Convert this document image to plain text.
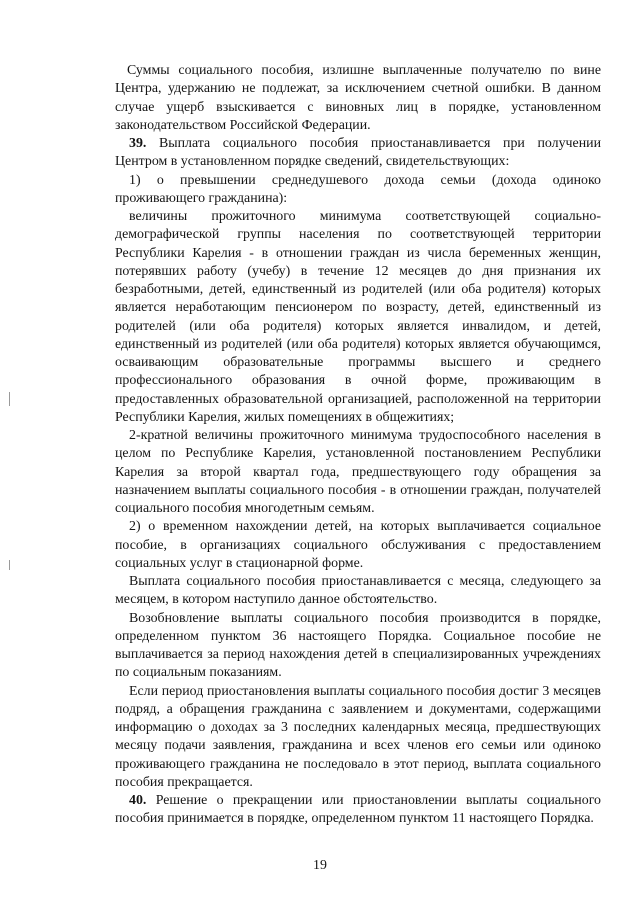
Суммы социального пособия, излишне выплаченные получателю по вине Центра, удержанию не подлежат, за исключением счетной ошибки. В данном случае ущерб взыскивается с виновных лиц в порядке, установленном законодательством Российской Федерации.

39. Выплата социального пособия приостанавливается при получении Центром в установленном порядке сведений, свидетельствующих:

1) о превышении среднедушевого дохода семьи (дохода одиноко проживающего гражданина):

величины прожиточного минимума соответствующей социально-демографической группы населения по соответствующей территории Республики Карелия - в отношении граждан из числа беременных женщин, потерявших работу (учебу) в течение 12 месяцев до дня признания их безработными, детей, единственный из родителей (или оба родителя) которых является неработающим пенсионером по возрасту, детей, единственный из родителей (или оба родителя) которых является инвалидом, и детей, единственный из родителей (или оба родителя) которых является обучающимся, осваивающим образовательные программы высшего и среднего профессионального образования в очной форме, проживающим в предоставленных образовательной организацией, расположенной на территории Республики Карелия, жилых помещениях в общежитиях;

2-кратной величины прожиточного минимума трудоспособного населения в целом по Республике Карелия, установленной постановлением Республики Карелия за второй квартал года, предшествующего году обращения за назначением выплаты социального пособия - в отношении граждан, получателей социального пособия многодетным семьям.

2) о временном нахождении детей, на которых выплачивается социальное пособие, в организациях социального обслуживания с предоставлением социальных услуг в стационарной форме.

Выплата социального пособия приостанавливается с месяца, следующего за месяцем, в котором наступило данное обстоятельство.

Возобновление выплаты социального пособия производится в порядке, определенном пунктом 36 настоящего Порядка. Социальное пособие не выплачивается за период нахождения детей в специализированных учреждениях по социальным показаниям.

Если период приостановления выплаты социального пособия достиг 3 месяцев подряд, а обращения гражданина с заявлением и документами, содержащими информацию о доходах за 3 последних календарных месяца, предшествующих месяцу подачи заявления, гражданина и всех членов его семьи или одиноко проживающего гражданина не последовало в этот период, выплата социального пособия прекращается.

40. Решение о прекращении или приостановлении выплаты социального пособия принимается в порядке, определенном пунктом 11 настоящего Порядка.

19
